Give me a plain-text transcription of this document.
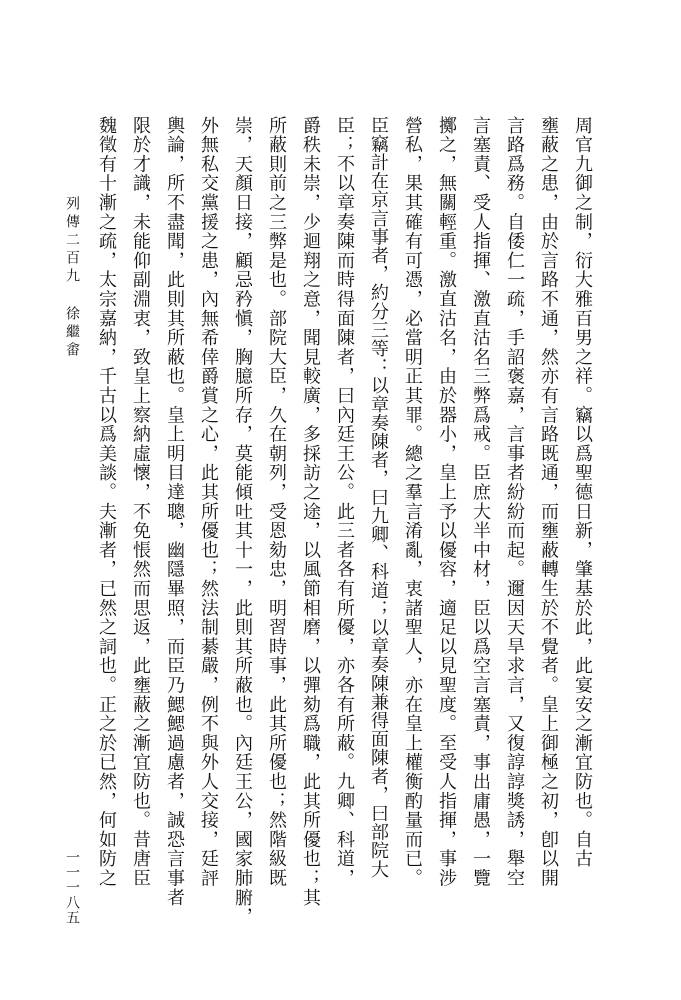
周官九御之制，衍大雅百男之祥。竊以爲聖德日新，肇基於此，此宴安之漸宜防也。自古
壅蔽之患，由於言路不通，然亦有言路既通，而壅蔽轉生於不覺者。皇上御極之初，卽以開
言路爲務。自倭仁一疏，手詔褒嘉，言事者紛紛而起。邇因天旱求言，又復諄諄獎誘，舉空
言塞責、受人指揮、激直沽名三弊爲戒。臣庶大半中材，臣以爲空言塞責，事出庸愚，一覽
擲之，無關輕重。激直沽名，由於器小，皇上予以優容，適足以見聖度。至受人指揮，事涉
營私，果其確有可憑，必當明正其罪。總之羣言淆亂，衷諸聖人，亦在皇上權衡酌量而已。
臣竊計在京言事者，約分三等：以章奏陳者，曰九卿、科道；以章奏陳兼得面陳者，曰部院大
臣；不以章奏陳而時得面陳者，曰內廷王公。此三者各有所優，亦各有所蔽。九卿、科道，
爵秩未崇，少迴翔之意，聞見較廣，多採訪之途，以風節相磨，以彈劾爲職，此其所優也；其
所蔽則前之三弊是也。部院大臣，久在朝列，受恩劾忠，明習時事，此其所優也；然階級既
崇，天顏日接，顧忌矜愼，胸臆所存，莫能傾吐其十一，此則其所蔽也。內廷王公，國家肺腑，
外無私交黨援之患，內無希倖爵賞之心，此其所優也；然法制綦嚴，例不與外人交接，廷評
輿論，所不盡聞，此則其所蔽也。皇上明目達聰，幽隱畢照，而臣乃鰓鰓過慮者，誠恐言事者
限於才識，未能仰副淵衷，致皇上察納虛懷，不免悵然而思返，此壅蔽之漸宜防也。昔唐臣
魏徵有十漸之疏，太宗嘉納，千古以爲美談。夫漸者，已然之詞也。正之於已然，何如防之
列傳二百九 徐繼畬
一一一八五
